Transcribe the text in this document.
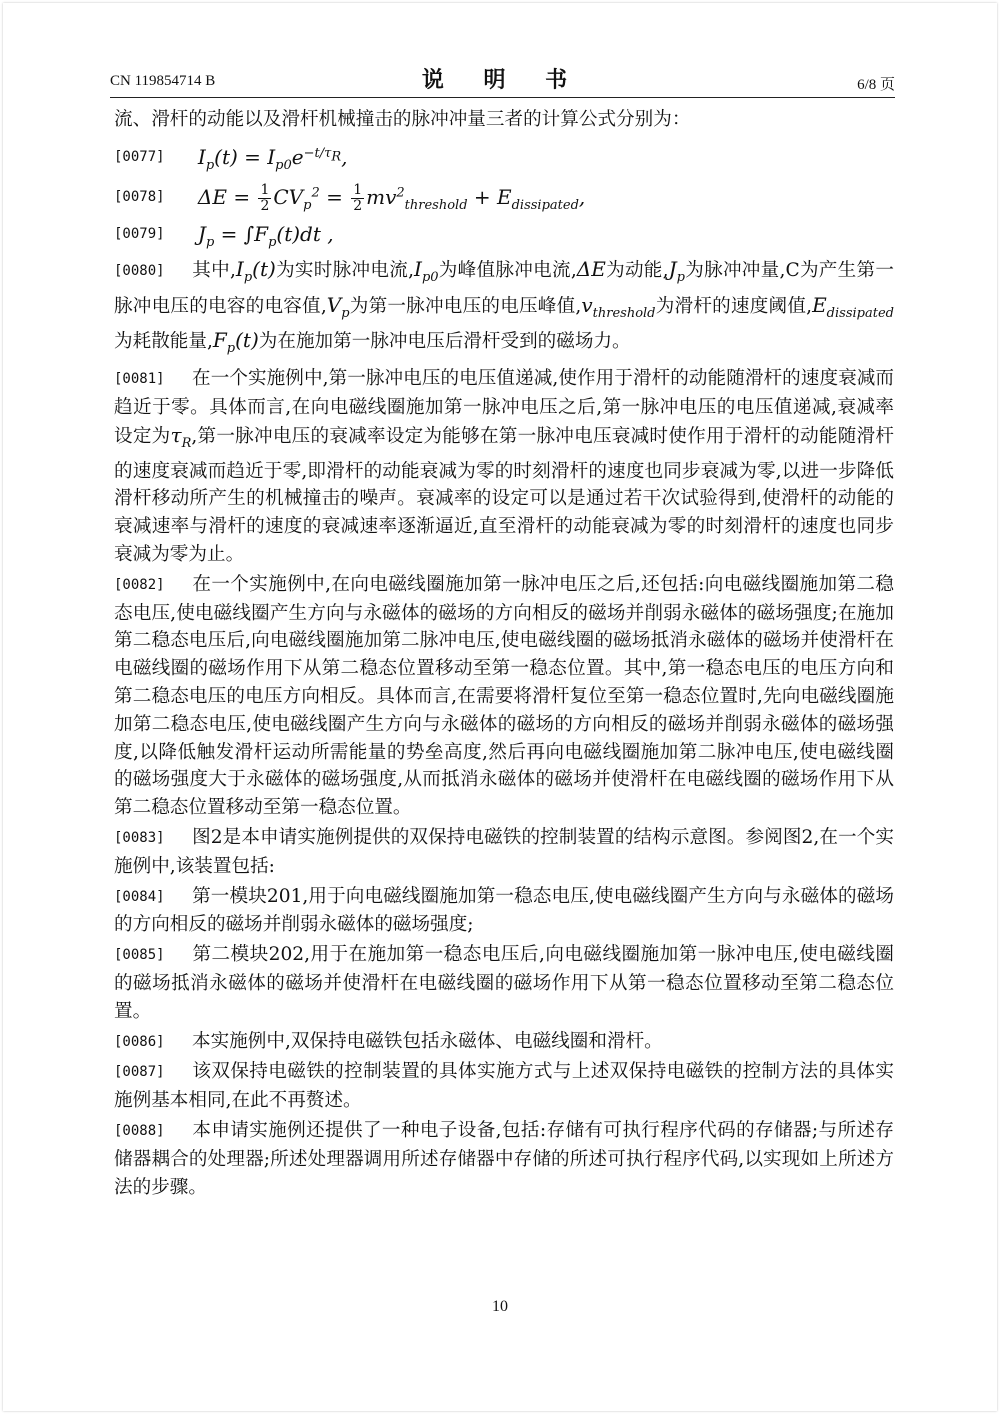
CN 119854714 B	说 明 书	6/8 页

流、滑杆的动能以及滑杆机械撞击的脉冲冲量三者的计算公式分别为：

[0077] $I_p(t) = I_{p0}e^{-t/\tau_R}$,
[0078] $\Delta E = \frac{1}{2} CV_p^2 = \frac{1}{2} mv^2_{threshold} + E_{dissipated}$,
[0079] $J_p = \int F_p(t)dt$ ,

[0080] 其中$,I_p(t)$为实时脉冲电流$,I_{p0}$为峰值脉冲电流,ΔE为动能$,J_p$为脉冲冲量,C为产生第一脉冲电压的电容的电容值$,V_p$为第一脉冲电压的电压峰值$,v_{threshold}$为滑杆的速度阈值$,E_{dissipated}$为耗散能量$,F_p(t)$为在施加第一脉冲电压后滑杆受到的磁场力。

[0081] 在一个实施例中,第一脉冲电压的电压值递减,使作用于滑杆的动能随滑杆的速度衰减而趋近于零。具体而言,在向电磁线圈施加第一脉冲电压之后,第一脉冲电压的电压值递减,衰减率设定为$\tau_R$,第一脉冲电压的衰减率设定为能够在第一脉冲电压衰减时使作用于滑杆的动能随滑杆的速度衰减而趋近于零,即滑杆的动能衰减为零的时刻滑杆的速度也同步衰减为零,以进一步降低滑杆移动所产生的机械撞击的噪声。衰减率的设定可以是通过若干次试验得到,使滑杆的动能的衰减速率与滑杆的速度的衰减速率逐渐逼近,直至滑杆的动能衰减为零的时刻滑杆的速度也同步衰减为零为止。

[0082] 在一个实施例中,在向电磁线圈施加第一脉冲电压之后,还包括:向电磁线圈施加第二稳态电压,使电磁线圈产生方向与永磁体的磁场的方向相反的磁场并削弱永磁体的磁场强度;在施加第二稳态电压后,向电磁线圈施加第二脉冲电压,使电磁线圈的磁场抵消永磁体的磁场并使滑杆在电磁线圈的磁场作用下从第二稳态位置移动至第一稳态位置。其中,第一稳态电压的电压方向和第二稳态电压的电压方向相反。具体而言,在需要将滑杆复位至第一稳态位置时,先向电磁线圈施加第二稳态电压,使电磁线圈产生方向与永磁体的磁场的方向相反的磁场并削弱永磁体的磁场强度,以降低触发滑杆运动所需能量的势垒高度,然后再向电磁线圈施加第二脉冲电压,使电磁线圈的磁场强度大于永磁体的磁场强度,从而抵消永磁体的磁场并使滑杆在电磁线圈的磁场作用下从第二稳态位置移动至第一稳态位置。

[0083] 图2是本申请实施例提供的双保持电磁铁的控制装置的结构示意图。参阅图2,在一个实施例中,该装置包括:

[0084] 第一模块201,用于向电磁线圈施加第一稳态电压,使电磁线圈产生方向与永磁体的磁场的方向相反的磁场并削弱永磁体的磁场强度;

[0085] 第二模块202,用于在施加第一稳态电压后,向电磁线圈施加第一脉冲电压,使电磁线圈的磁场抵消永磁体的磁场并使滑杆在电磁线圈的磁场作用下从第一稳态位置移动至第二稳态位置。

[0086] 本实施例中,双保持电磁铁包括永磁体、电磁线圈和滑杆。

[0087] 该双保持电磁铁的控制装置的具体实施方式与上述双保持电磁铁的控制方法的具体实施例基本相同,在此不再赘述。

[0088] 本申请实施例还提供了一种电子设备,包括:存储有可执行程序代码的存储器;与所述存储器耦合的处理器;所述处理器调用所述存储器中存储的所述可执行程序代码,以实现如上所述方法的步骤。

10
